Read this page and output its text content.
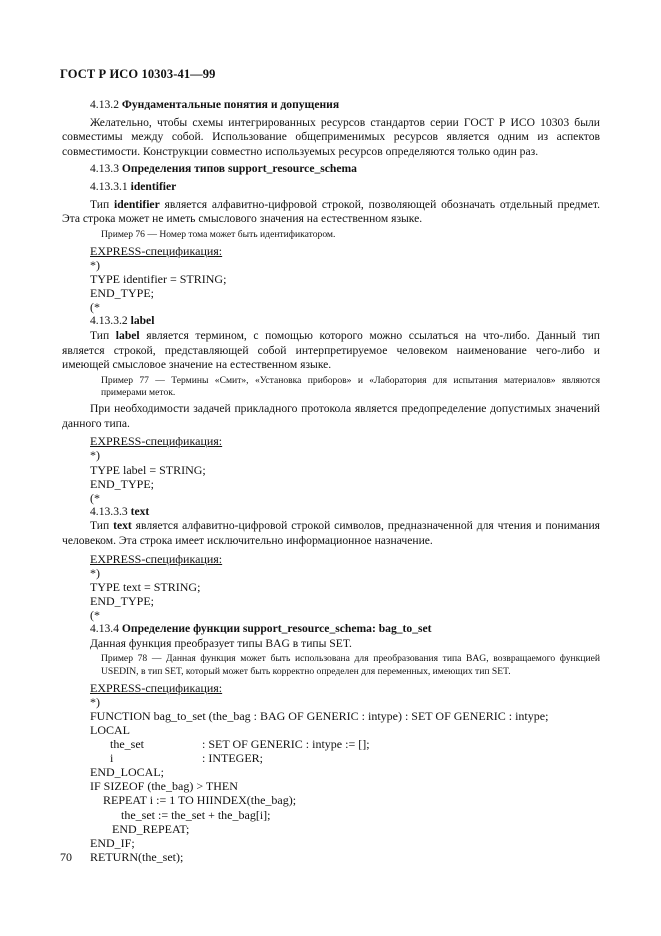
ГОСТ Р ИСО 10303-41—99

4.13.2 Фундаментальные понятия и допущения

Желательно, чтобы схемы интегрированных ресурсов стандартов серии ГОСТ Р ИСО 10303 были совместимы между собой. Использование общеприменимых ресурсов является одним из аспектов совместимости. Конструкции совместно используемых ресурсов определяются только один раз.

4.13.3 Определения типов support_resource_schema

4.13.3.1 identifier

Тип identifier является алфавитно-цифровой строкой, позволяющей обозначать отдельный предмет. Эта строка может не иметь смыслового значения на естественном языке.

Пример 76 — Номер тома может быть идентификатором.

EXPRESS-спецификация:
*)
TYPE identifier = STRING;
END_TYPE;
(*

4.13.3.2 label

Тип label является термином, с помощью которого можно ссылаться на что-либо. Данный тип является строкой, представляющей собой интерпретируемое человеком наименование чего-либо и имеющей смысловое значение на естественном языке.

Пример 77 — Термины «Смит», «Установка приборов» и «Лаборатория для испытания материалов» являются примерами меток.

При необходимости задачей прикладного протокола является предопределение допустимых значений данного типа.

EXPRESS-спецификация:
*)
TYPE label = STRING;
END_TYPE;
(*

4.13.3.3 text

Тип text является алфавитно-цифровой строкой символов, предназначенной для чтения и понимания человеком. Эта строка имеет исключительно информационное назначение.

EXPRESS-спецификация:
*)
TYPE text = STRING;
END_TYPE;
(*

4.13.4 Определение функции support_resource_schema: bag_to_set

Данная функция преобразует типы BAG в типы SET.

Пример 78 — Данная функция может быть использована для преобразования типа BAG, возвращаемого функцией USEDIN, в тип SET, который может быть корректно определен для переменных, имеющих тип SET.

EXPRESS-спецификация:
*)
FUNCTION bag_to_set (the_bag : BAG OF GENERIC : intype) : SET OF GENERIC : intype;
LOCAL
the_set	: SET OF GENERIC : intype := [];
i	: INTEGER;
END_LOCAL;
IF SIZEOF (the_bag) > THEN
REPEAT i := 1 TO HIINDEX(the_bag);
the_set := the_set + the_bag[i];
END_REPEAT;
END_IF;
RETURN(the_set);
70
